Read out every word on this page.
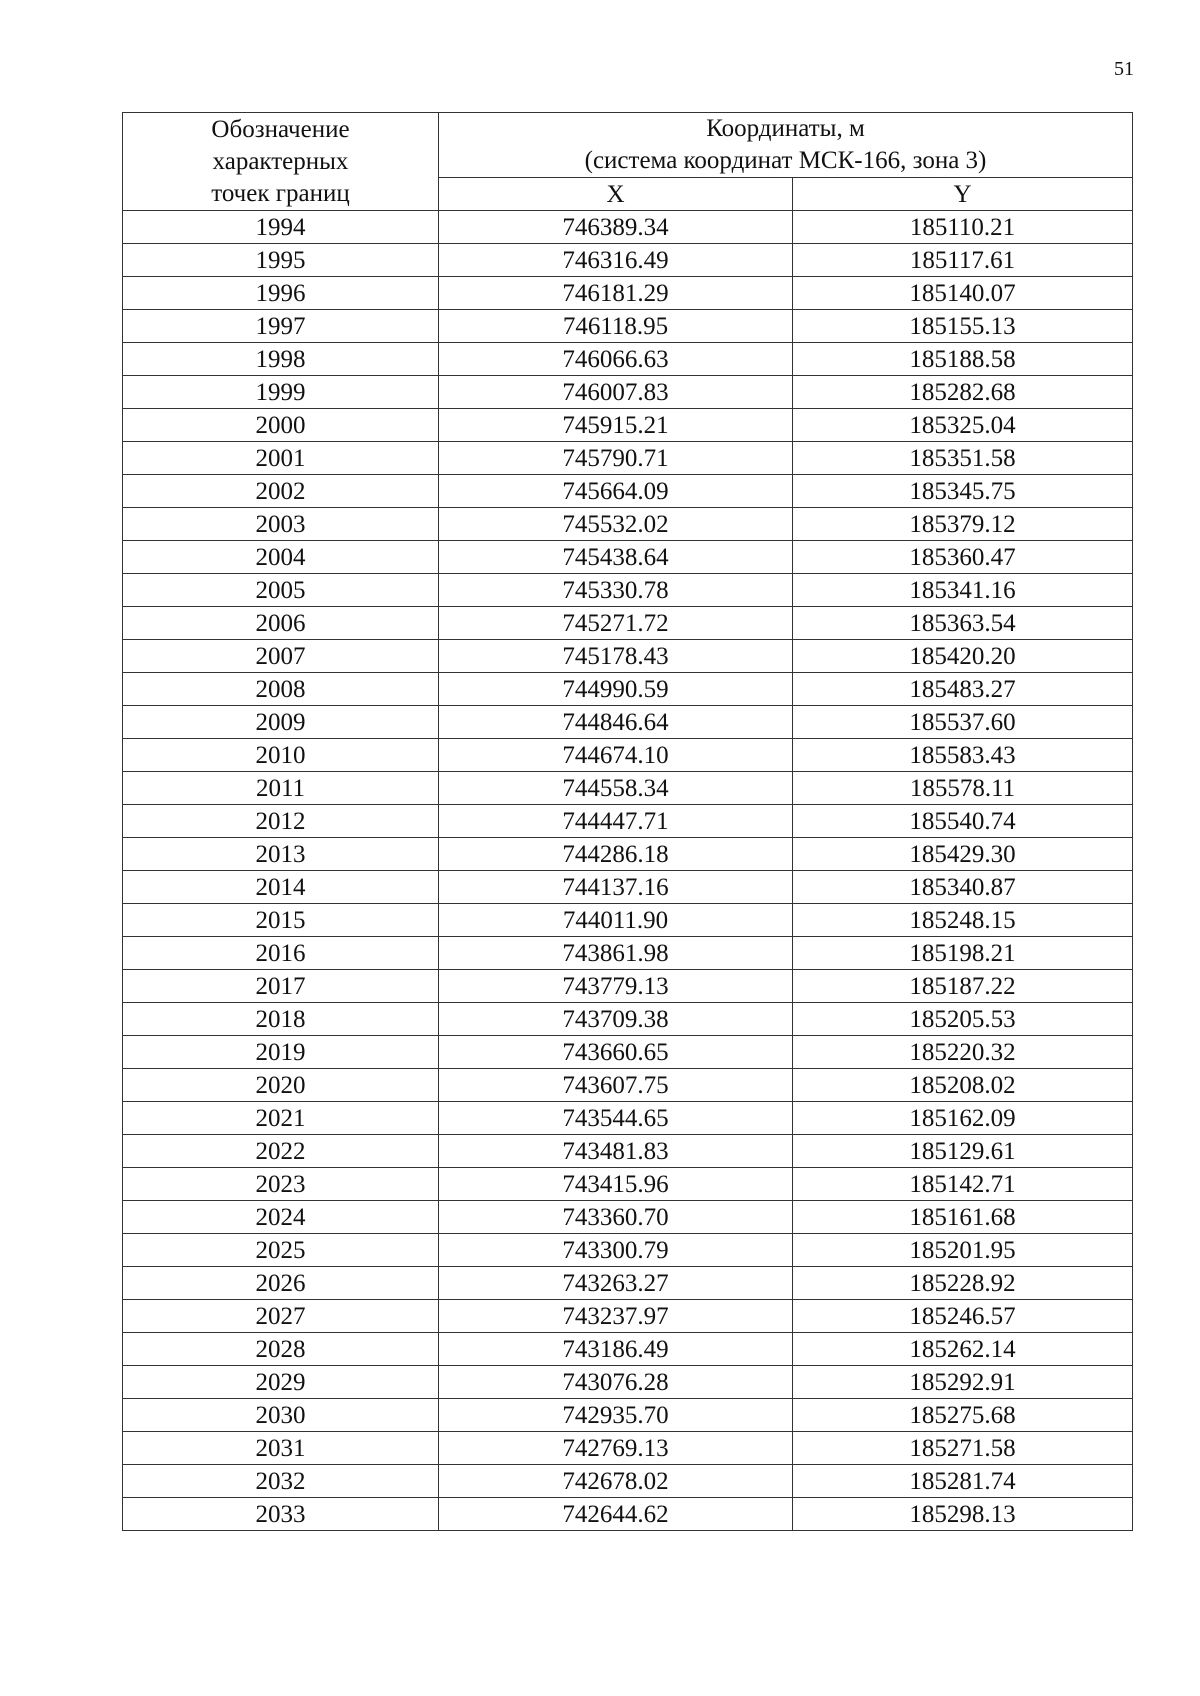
51
Обозначение
характерных
точек границ	Координаты, м
(система координат МСК-166, зона 3)	

	X	Y
1994	746389.34	185110.21
1995	746316.49	185117.61
1996	746181.29	185140.07
1997	746118.95	185155.13
1998	746066.63	185188.58
1999	746007.83	185282.68
2000	745915.21	185325.04
2001	745790.71	185351.58
2002	745664.09	185345.75
2003	745532.02	185379.12
2004	745438.64	185360.47
2005	745330.78	185341.16
2006	745271.72	185363.54
2007	745178.43	185420.20
2008	744990.59	185483.27
2009	744846.64	185537.60
2010	744674.10	185583.43
2011	744558.34	185578.11
2012	744447.71	185540.74
2013	744286.18	185429.30
2014	744137.16	185340.87
2015	744011.90	185248.15
2016	743861.98	185198.21
2017	743779.13	185187.22
2018	743709.38	185205.53
2019	743660.65	185220.32
2020	743607.75	185208.02
2021	743544.65	185162.09
2022	743481.83	185129.61
2023	743415.96	185142.71
2024	743360.70	185161.68
2025	743300.79	185201.95
2026	743263.27	185228.92
2027	743237.97	185246.57
2028	743186.49	185262.14
2029	743076.28	185292.91
2030	742935.70	185275.68
2031	742769.13	185271.58
2032	742678.02	185281.74
2033	742644.62	185298.13
